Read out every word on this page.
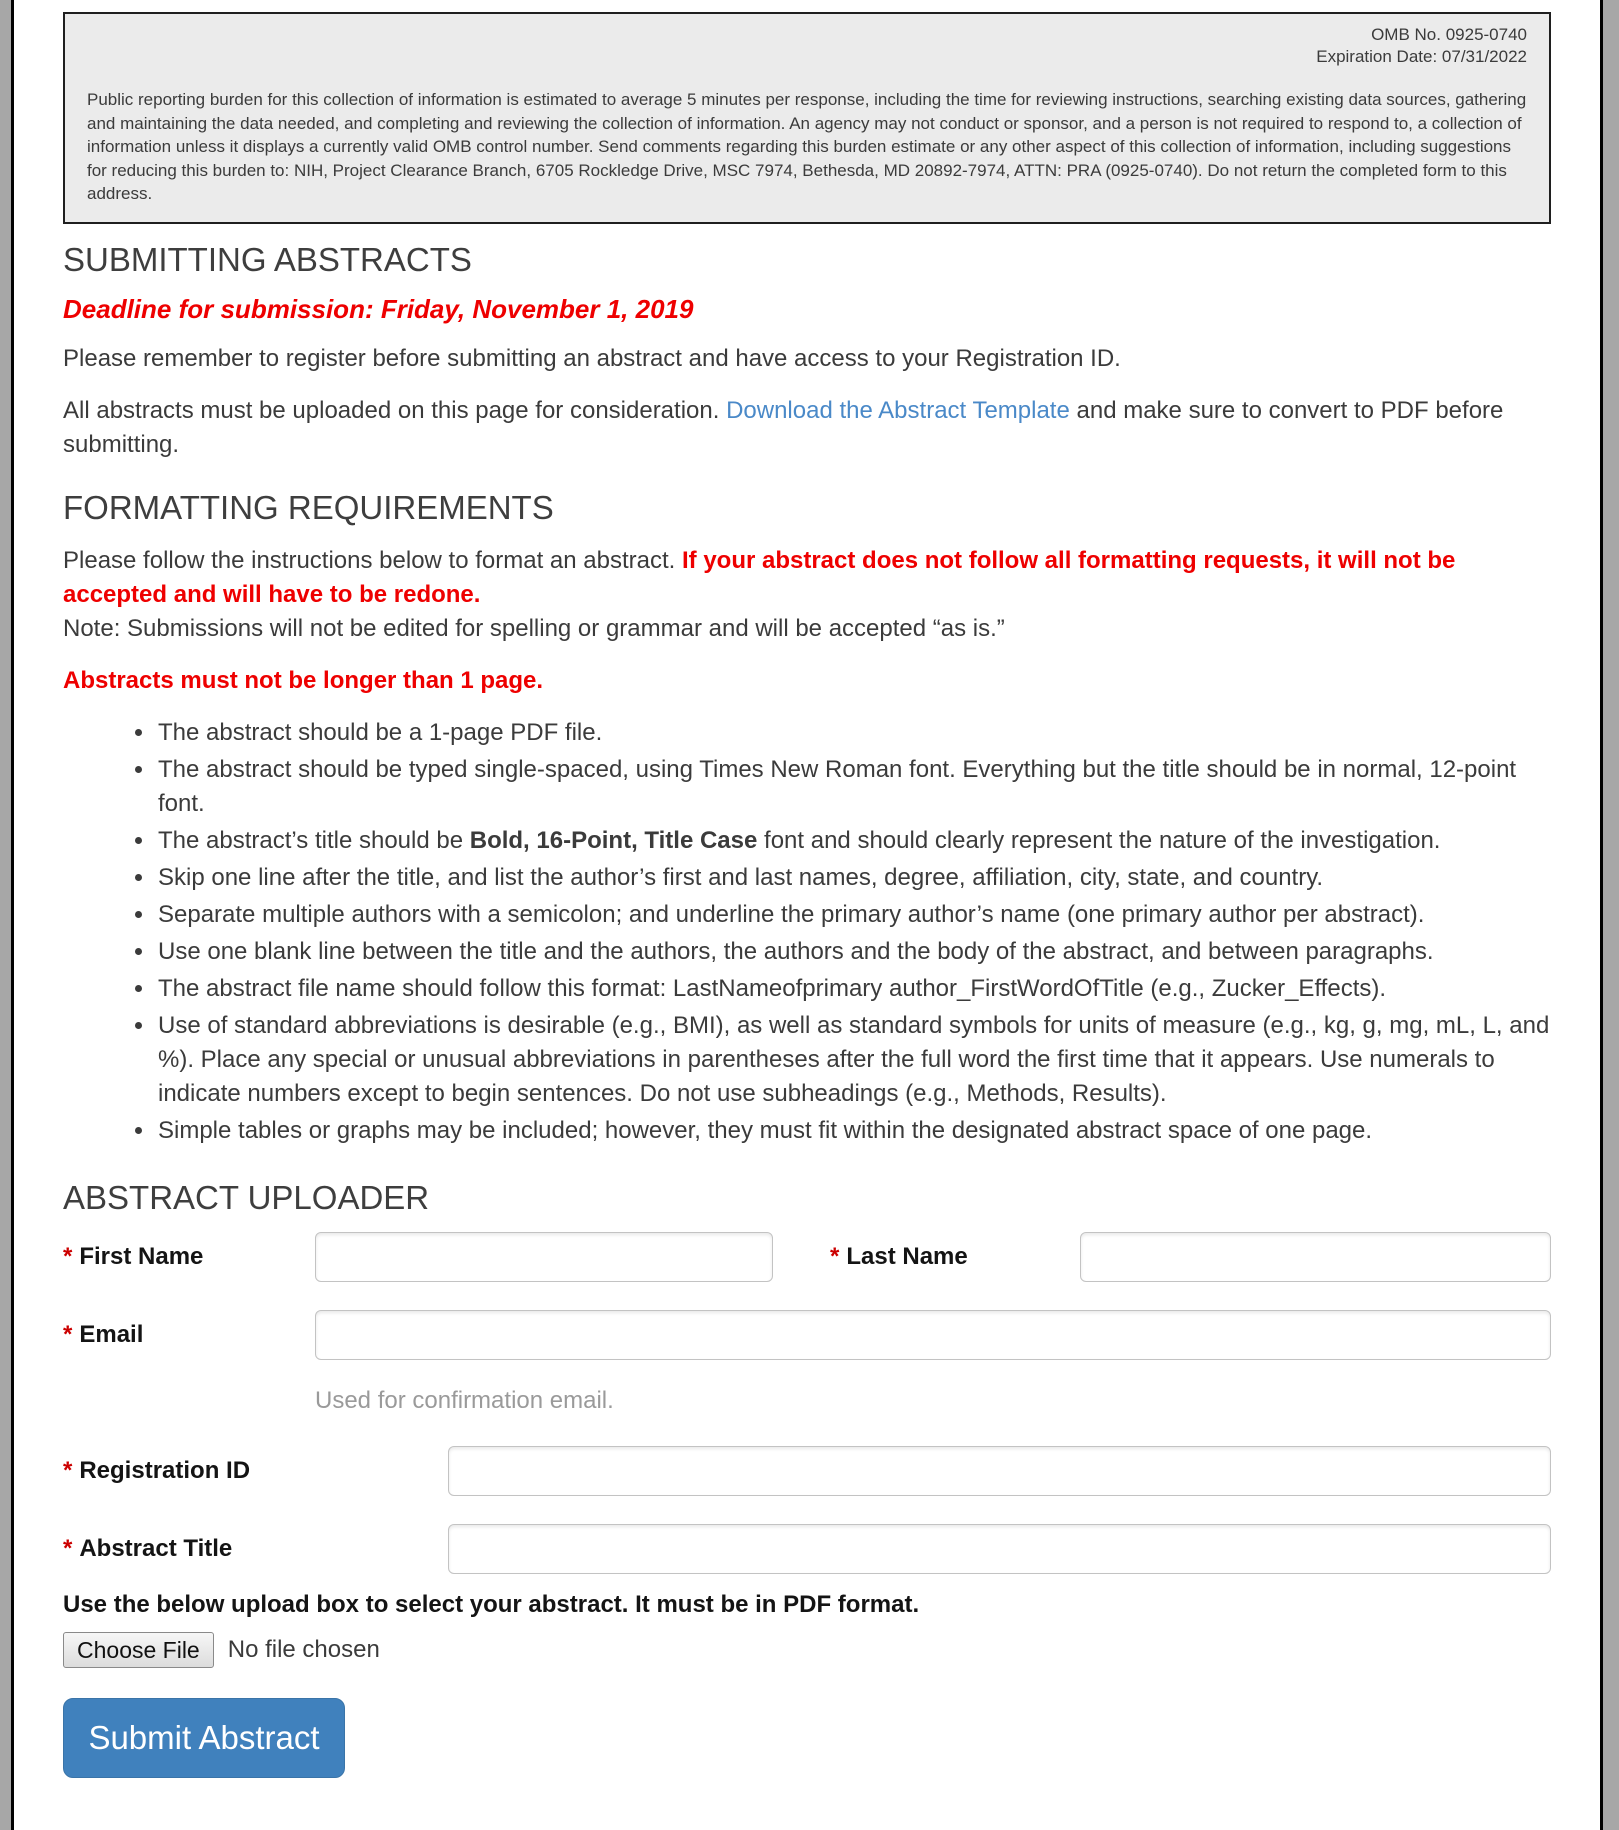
OMB No. 0925-0740
Expiration Date: 07/31/2022

Public reporting burden for this collection of information is estimated to average 5 minutes per response, including the time for reviewing instructions, searching existing data sources, gathering and maintaining the data needed, and completing and reviewing the collection of information. An agency may not conduct or sponsor, and a person is not required to respond to, a collection of information unless it displays a currently valid OMB control number. Send comments regarding this burden estimate or any other aspect of this collection of information, including suggestions for reducing this burden to: NIH, Project Clearance Branch, 6705 Rockledge Drive, MSC 7974, Bethesda, MD 20892-7974, ATTN: PRA (0925-0740). Do not return the completed form to this address.

SUBMITTING ABSTRACTS

Deadline for submission: Friday, November 1, 2019

Please remember to register before submitting an abstract and have access to your Registration ID.

All abstracts must be uploaded on this page for consideration. Download the Abstract Template and make sure to convert to PDF before submitting.

FORMATTING REQUIREMENTS

Please follow the instructions below to format an abstract. If your abstract does not follow all formatting requests, it will not be accepted and will have to be redone.

Note: Submissions will not be edited for spelling or grammar and will be accepted “as is.”

Abstracts must not be longer than 1 page.

• The abstract should be a 1-page PDF file.
• The abstract should be typed single-spaced, using Times New Roman font. Everything but the title should be in normal, 12-point font.
• The abstract’s title should be Bold, 16-Point, Title Case font and should clearly represent the nature of the investigation.
• Skip one line after the title, and list the author’s first and last names, degree, affiliation, city, state, and country.
• Separate multiple authors with a semicolon; and underline the primary author’s name (one primary author per abstract).
• Use one blank line between the title and the authors, the authors and the body of the abstract, and between paragraphs.
• The abstract file name should follow this format: LastNameofprimary author_FirstWordOfTitle (e.g., Zucker_Effects).
• Use of standard abbreviations is desirable (e.g., BMI), as well as standard symbols for units of measure (e.g., kg, g, mg, mL, L, and %). Place any special or unusual abbreviations in parentheses after the full word the first time that it appears. Use numerals to indicate numbers except to begin sentences. Do not use subheadings (e.g., Methods, Results).
• Simple tables or graphs may be included; however, they must fit within the designated abstract space of one page.
ABSTRACT UPLOADER
* First Name	* Last Name
* Email
Used for confirmation email.
* Registration ID
* Abstract Title

Use the below upload box to select your abstract. It must be in PDF format.

Choose File	No file chosen
Submit Abstract
